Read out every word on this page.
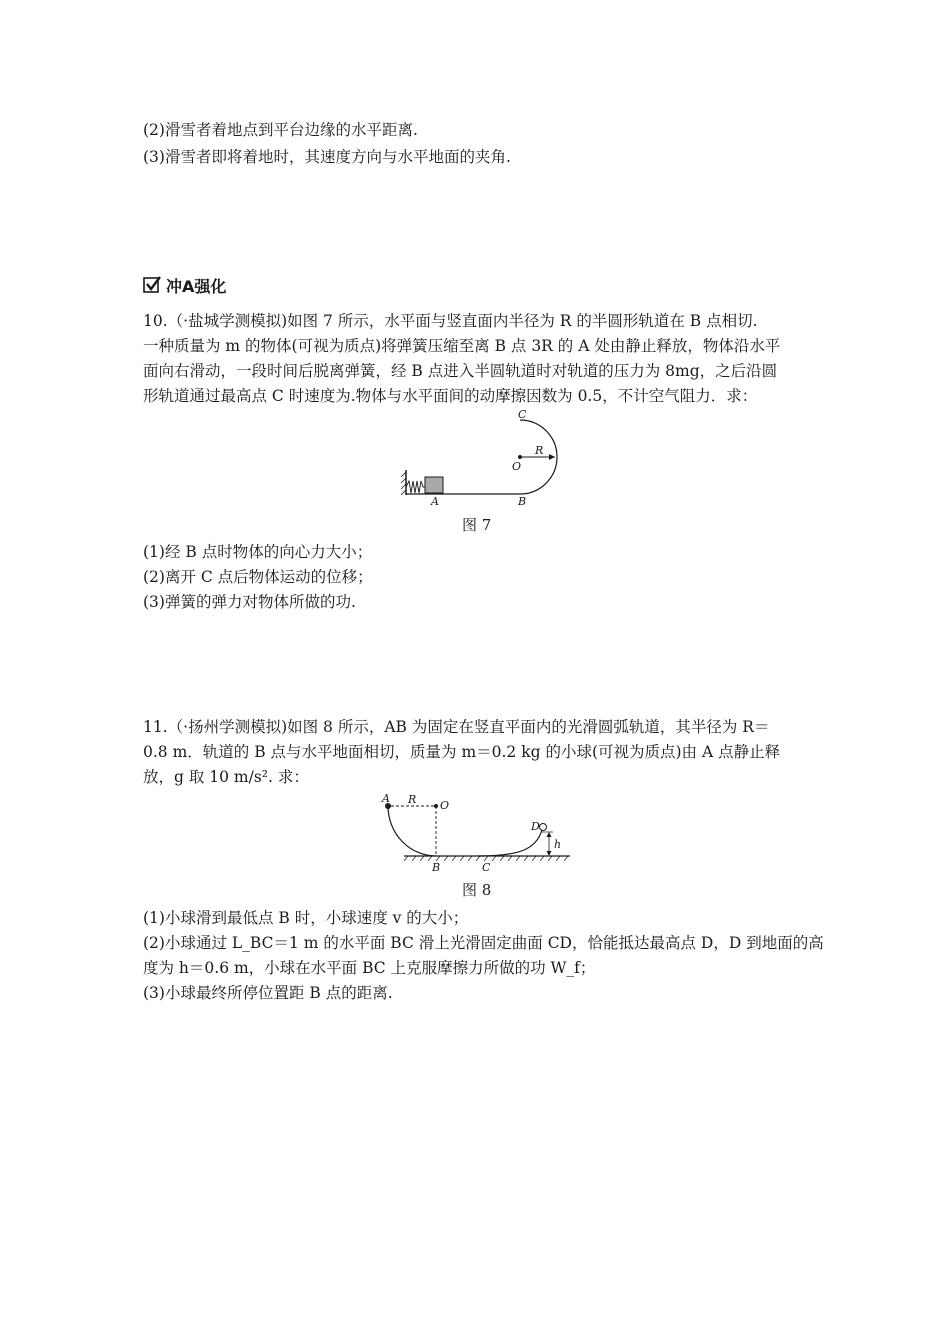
(2)滑雪者着地点到平台边缘的水平距离.
(3)滑雪者即将着地时，其速度方向与水平地面的夹角.
冲A强化
10.（·盐城学测模拟)如图 7 所示，水平面与竖直面内半径为 R 的半圆形轨道在 B 点相切.
一种质量为 m 的物体(可视为质点)将弹簧压缩至离 B 点 3R 的 A 处由静止释放，物体沿水平
面向右滑动，一段时间后脱离弹簧，经 B 点进入半圆轨道时对轨道的压力为 8mg，之后沿圆
形轨道通过最高点 C 时速度为.物体与水平面间的动摩擦因数为 0.5，不计空气阻力．求：
C
O
R
A	B
图 7
(1)经 B 点时物体的向心力大小；
(2)离开 C 点后物体运动的位移；
(3)弹簧的弹力对物体所做的功.
11.（·扬州学测模拟)如图 8 所示，AB 为固定在竖直平面内的光滑圆弧轨道，其半径为 R＝
0.8 m．轨道的 B 点与水平地面相切，质量为 m＝0.2 kg 的小球(可视为质点)由 A 点静止释
放，g 取 10 m/s². 求：
A R O
D
h
B	C
图 8
(1)小球滑到最低点 B 时，小球速度 v 的大小；
(2)小球通过 L_BC＝1 m 的水平面 BC 滑上光滑固定曲面 CD，恰能抵达最高点 D，D 到地面的高
度为 h＝0.6 m，小球在水平面 BC 上克服摩擦力所做的功 W_f；
(3)小球最终所停位置距 B 点的距离.
